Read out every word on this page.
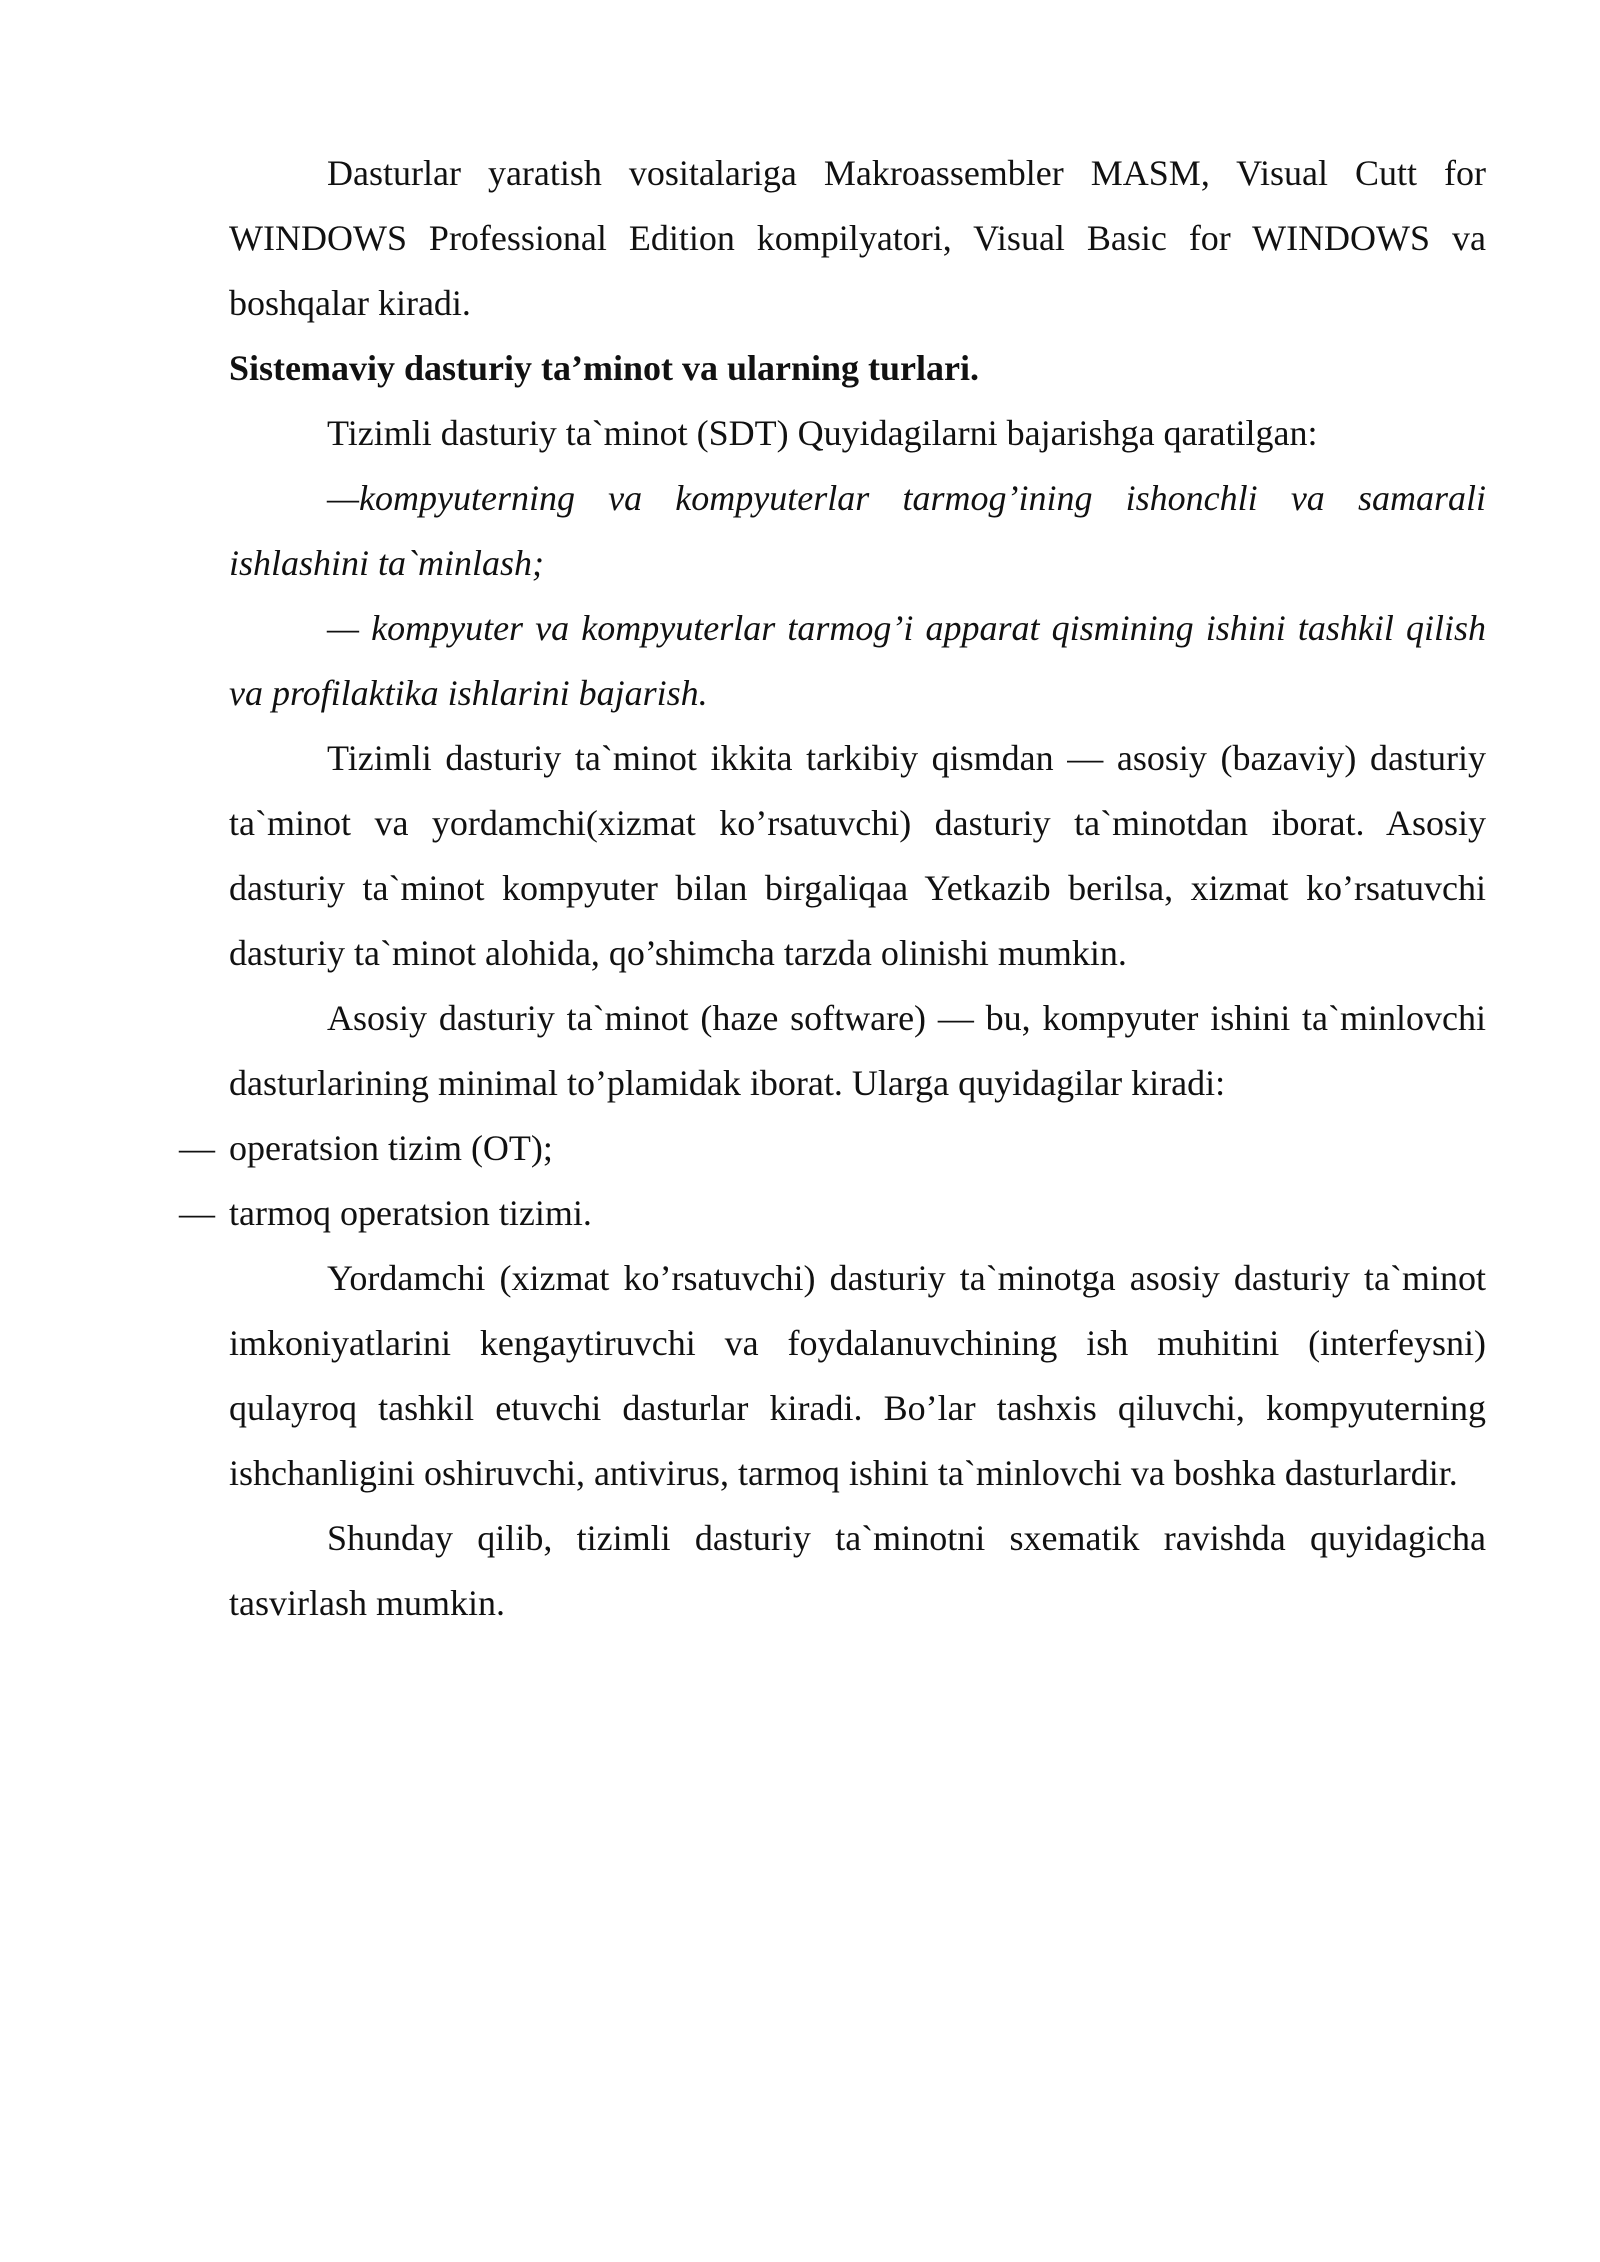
Dasturlar yaratish vositalariga Makroassembler MASM, Visual Cutt for WINDOWS Professional Edition kompilyatori, Visual Basic for WINDOWS va boshqalar kiradi.

Sistemaviy dasturiy ta’minot va ularning turlari.

Tizimli dasturiy ta`minot (SDT) Quyidagilarni bajarishga qaratilgan:

—kompyuterning va kompyuterlar tarmog’ining ishonchli va samarali ishlashini ta`minlash;

— kompyuter va kompyuterlar tarmog’i apparat qismining ishini tashkil qilish va profilaktika ishlarini bajarish.

Tizimli dasturiy ta`minot ikkita tarkibiy qismdan — asosiy (bazaviy) dasturiy ta`minot va yordamchi(xizmat ko’rsatuvchi) dasturiy ta`minotdan iborat. Asosiy dasturiy ta`minot kompyuter bilan birgaliqaa Yetkazib berilsa, xizmat ko’rsatuvchi dasturiy ta`minot alohida, qo’shimcha tarzda olinishi mumkin.

Asosiy dasturiy ta`minot (haze software) — bu, kompyuter ishini ta`minlovchi dasturlarining minimal to’plamidak iborat. Ularga quyidagilar kiradi:

— operatsion tizim (OT);

— tarmoq operatsion tizimi.

Yordamchi (xizmat ko’rsatuvchi) dasturiy ta`minotga asosiy dasturiy ta`minot imkoniyatlarini kengaytiruvchi va foydalanuvchining ish muhitini (interfeysni) qulayroq tashkil etuvchi dasturlar kiradi. Bo’lar tashxis qiluvchi, kompyuterning ishchanligini oshiruvchi, antivirus, tarmoq ishini ta`minlovchi va boshka dasturlardir.

Shunday qilib, tizimli dasturiy ta`minotni sxematik ravishda quyidagicha tasvirlash mumkin.
